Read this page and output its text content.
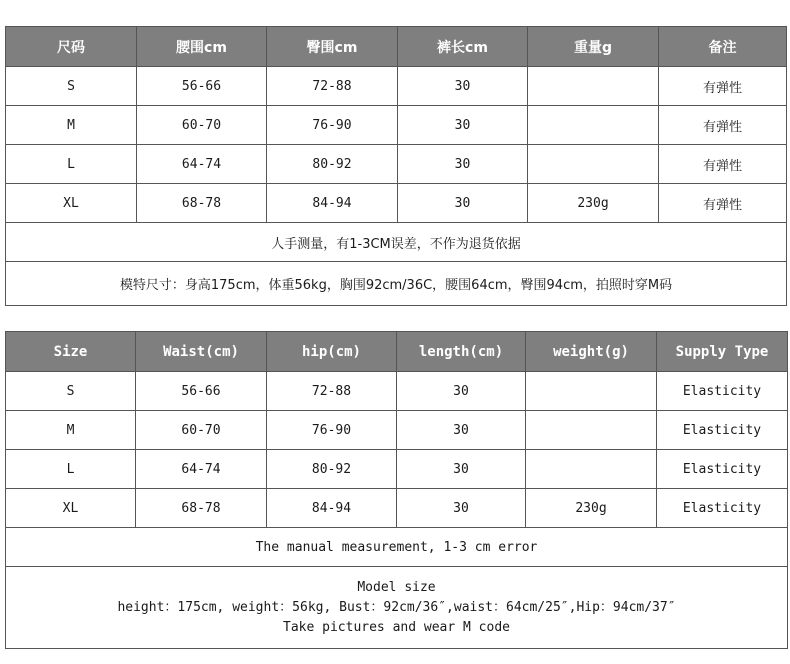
尺码	腰围cm	臀围cm	裤长cm	重量g	备注
S	56-66	72-88	30		有弹性
M	60-70	76-90	30		有弹性
L	64-74	80-92	30		有弹性
XL	68-78	84-94	30	230g	有弹性
人手测量，有1-3CM误差，不作为退货依据					
模特尺寸：身高175cm，体重56kg，胸围92cm/36C，腰围64cm，臀围94cm，拍照时穿M码					
Size	Waist(cm)	hip(cm)	length(cm)	weight(g)	Supply Type
S	56-66	72-88	30		Elasticity
M	60-70	76-90	30		Elasticity
L	64-74	80-92	30		Elasticity
XL	68-78	84-94	30	230g	Elasticity
The manual measurement, 1-3 cm error					

Model size
height：175cm, weight：56kg, Bust：92cm/36″,waist：64cm/25″,Hip：94cm/37″
Take pictures and wear M code					
